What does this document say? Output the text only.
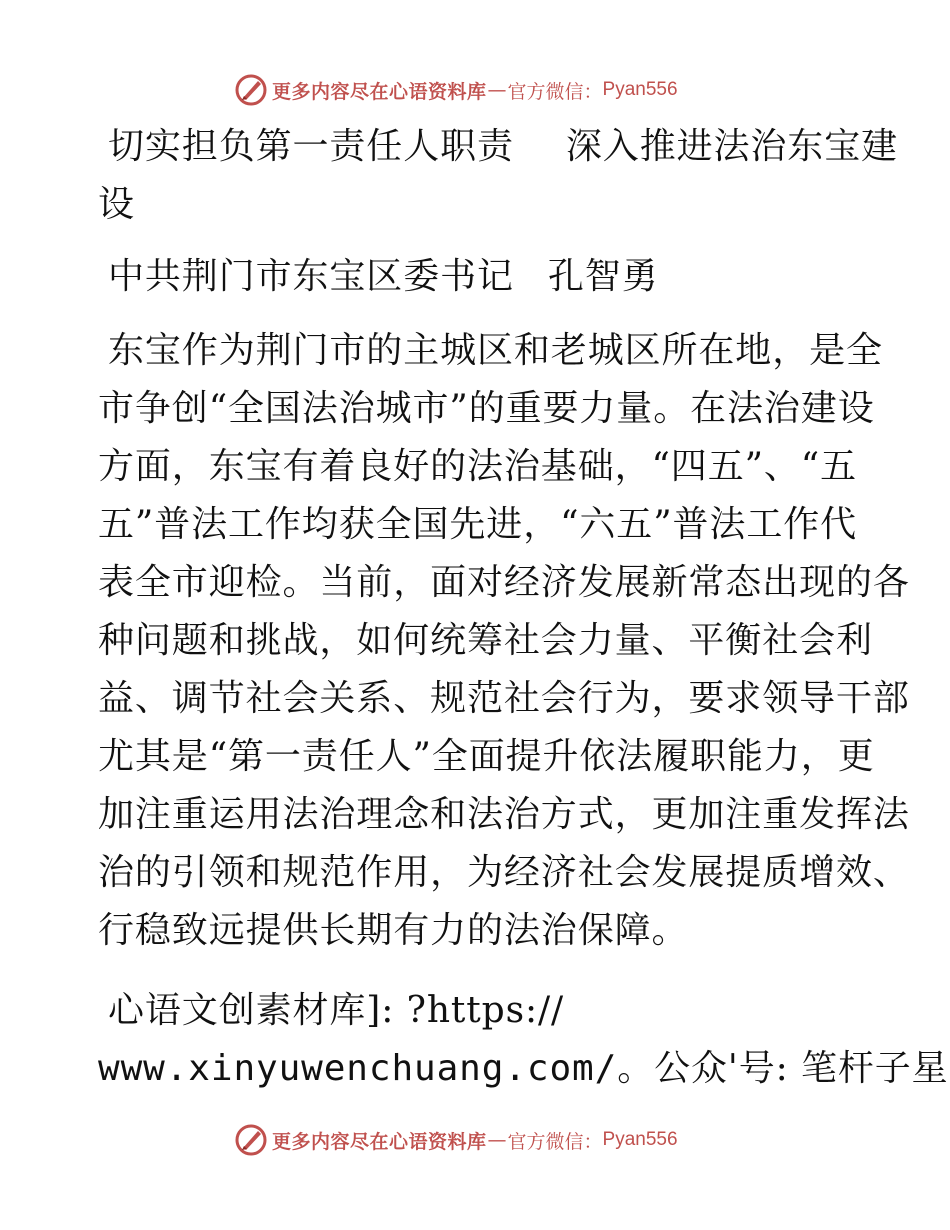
更多内容尽在心语资料库 — 官方微信： Pyan556
切实担负第一责任人职责 深入推进法治东宝建
设
中共荆门市东宝区委书记 孔智勇
东宝作为荆门市的主城区和老城区所在地，是全
市争创“全国法治城市”的重要力量。在法治建设
方面，东宝有着良好的法治基础，“四五”、“五
五”普法工作均获全国先进，“六五”普法工作代
表全市迎检。当前，面对经济发展新常态出现的各
种问题和挑战，如何统筹社会力量、平衡社会利
益、调节社会关系、规范社会行为，要求领导干部
尤其是“第一责任人”全面提升依法履职能力，更
加注重运用法治理念和法治方式，更加注重发挥法
治的引领和规范作用，为经济社会发展提质增效、
行稳致远提供长期有力的法治保障。
心语文创素材库]: ?https://
www.xinyuwenchuang.com/。公众'号: 笔杆子星
更多内容尽在心语资料库 — 官方微信： Pyan556
